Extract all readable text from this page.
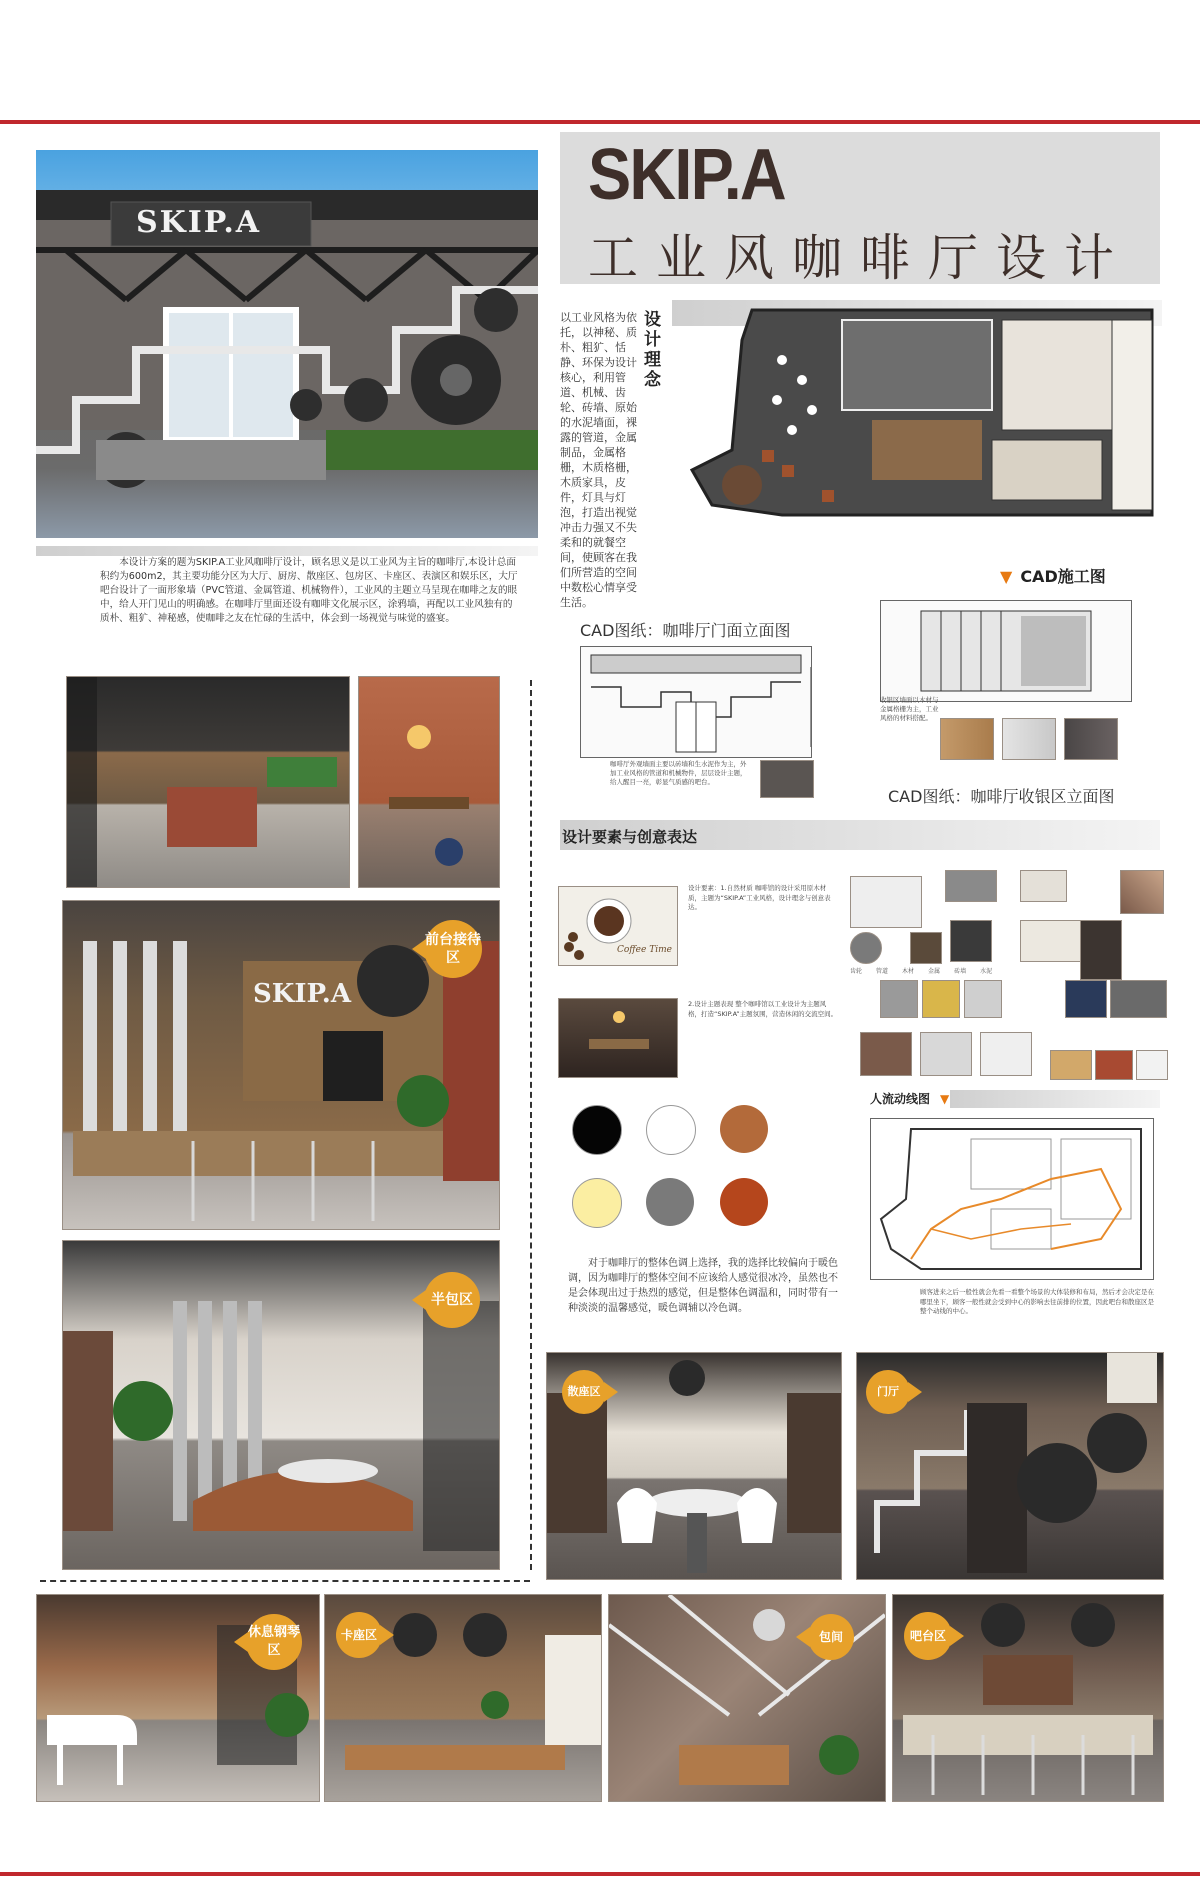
SKIP.A
工业风咖啡厅设计
SKIP.A
设计理念
以工业风格为依托，以神秘、质朴、粗犷、恬静、环保为设计核心，利用管道、机械、齿轮、砖墙、原始的水泥墙面，裸露的管道，金属制品，金属格栅，木质格栅，木质家具，皮件，灯具与灯泡，打造出视觉冲击力强又不失柔和的就餐空间，使顾客在我们所营造的空间中数松心情享受生活。
本设计方案的题为SKIP.A工业风咖啡厅设计，顾名思义是以工业风为主旨的咖啡厅,本设计总面积约为600m2，其主要功能分区为大厅、厨房、散座区、包房区、卡座区、表演区和娱乐区，大厅吧台设计了一面形象墙（PVC管道、金属管道、机械物件），工业风的主题立马呈现在咖啡之友的眼中，给人开门见山的明确感。在咖啡厅里面还设有咖啡文化展示区，涂鸦墙，再配以工业风独有的质朴、粗犷、神秘感，使咖啡之友在忙碌的生活中，体会到一场视觉与味觉的盛宴。
▼ CAD施工图
CAD图纸：咖啡厅门面立面图
咖啡厅外观墙面主要以砖墙和生水泥作为主，外加工业风格的管道和机械物件，层层设计主题，给人醒目一亮，彰显气质感的吧台。
收银区墙面以木材与金属格栅为主，工业风格的材料搭配。
CAD图纸：咖啡厅收银区立面图
SKIP.A
前台接待区
半包区
设计要素与创意表达
Coffee Time
设计要素：1.自然材质 咖啡馆的设计采用原木材质，主题为“SKIP.A”工业风格，设计理念与创意表达。
2.设计主题表现 整个咖啡馆以工业设计为主题风格，打造“SKIP.A”主题氛围，营造休闲的交流空间。
齿轮 管道 木材 金属 砖墙 水泥
对于咖啡厅的整体色调上选择，我的选择比较偏向于暖色调，因为咖啡厅的整体空间不应该给人感觉很冰冷，虽然也不是会体现出过于热烈的感觉，但是整体色调温和，同时带有一种淡淡的温馨感觉，暖色调辅以冷色调。
人流动线图 ▼
顾客进来之后一般性就会先看一看整个场景的大体装修和布局，然后才会决定是在哪里坐下，顾客一般性就会受到中心的影响去往前排的位置，因此吧台和散座区是整个动线的中心。
散座区	门厅
休息钢琴区
卡座区	包间	吧台区
